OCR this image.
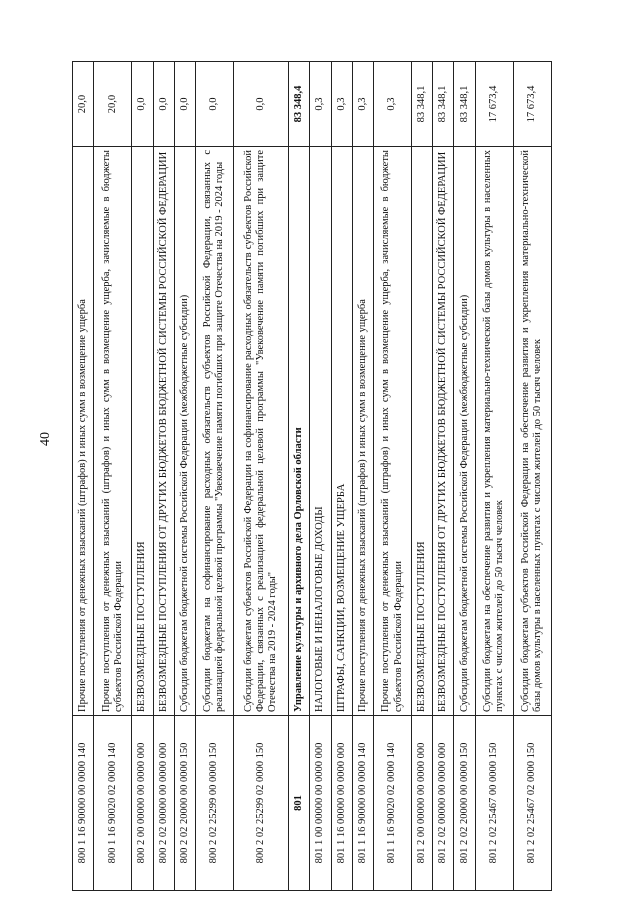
40
800 1 16 90000 00 0000 140	Прочие поступления от денежных взысканий (штрафов) и иных сумм в возмещение ущерба	20,0
800 1 16 90020 02 0000 140	Прочие поступления от денежных взысканий (штрафов) и иных сумм в возмещение ущерба, зачисляемые в бюджеты субъектов Российской Федерации	20,0
800 2 00 00000 00 0000 000	БЕЗВОЗМЕЗДНЫЕ ПОСТУПЛЕНИЯ	0,0
800 2 02 00000 00 0000 000	БЕЗВОЗМЕЗДНЫЕ ПОСТУПЛЕНИЯ ОТ ДРУГИХ БЮДЖЕТОВ БЮДЖЕТНОЙ СИСТЕМЫ РОССИЙСКОЙ ФЕДЕРАЦИИ	0,0
800 2 02 20000 00 0000 150	Субсидии бюджетам бюджетной системы Российской Федерации (межбюджетные субсидии)	0,0
800 2 02 25299 00 0000 150	Субсидии бюджетам на софинансирование расходных обязательств субъектов Российской Федерации, связанных с реализацией федеральной целевой программы "Увековечение памяти погибших при защите Отечества на 2019 - 2024 годы	0,0
800 2 02 25299 02 0000 150	Субсидии бюджетам субъектов Российской Федерации на софинансирование расходных обязательств субъектов Российской Федерации, связанных с реализацией федеральной целевой программы "Увековечение памяти погибших при защите Отечества на 2019 - 2024 годы"	0,0
801	Управление культуры и архивного дела Орловской области	83 348,4
801 1 00 00000 00 0000 000	НАЛОГОВЫЕ И НЕНАЛОГОВЫЕ ДОХОДЫ	0,3
801 1 16 00000 00 0000 000	ШТРАФЫ, САНКЦИИ, ВОЗМЕЩЕНИЕ УЩЕРБА	0,3
801 1 16 90000 00 0000 140	Прочие поступления от денежных взысканий (штрафов) и иных сумм в возмещение ущерба	0,3
801 1 16 90020 02 0000 140	Прочие поступления от денежных взысканий (штрафов) и иных сумм в возмещение ущерба, зачисляемые в бюджеты субъектов Российской Федерации	0,3
801 2 00 00000 00 0000 000	БЕЗВОЗМЕЗДНЫЕ ПОСТУПЛЕНИЯ	83 348,1
801 2 02 00000 00 0000 000	БЕЗВОЗМЕЗДНЫЕ ПОСТУПЛЕНИЯ ОТ ДРУГИХ БЮДЖЕТОВ БЮДЖЕТНОЙ СИСТЕМЫ РОССИЙСКОЙ ФЕДЕРАЦИИ	83 348,1
801 2 02 20000 00 0000 150	Субсидии бюджетам бюджетной системы Российской Федерации (межбюджетные субсидии)	83 348,1
801 2 02 25467 00 0000 150	Субсидии бюджетам на обеспечение развития и укрепления материально-технической базы домов культуры в населенных пунктах с числом жителей до 50 тысяч человек	17 673,4
801 2 02 25467 02 0000 150	Субсидии бюджетам субъектов Российской Федерации на обеспечение развития и укрепления материально-технической базы домов культуры в населенных пунктах с числом жителей до 50 тысяч человек	17 673,4
